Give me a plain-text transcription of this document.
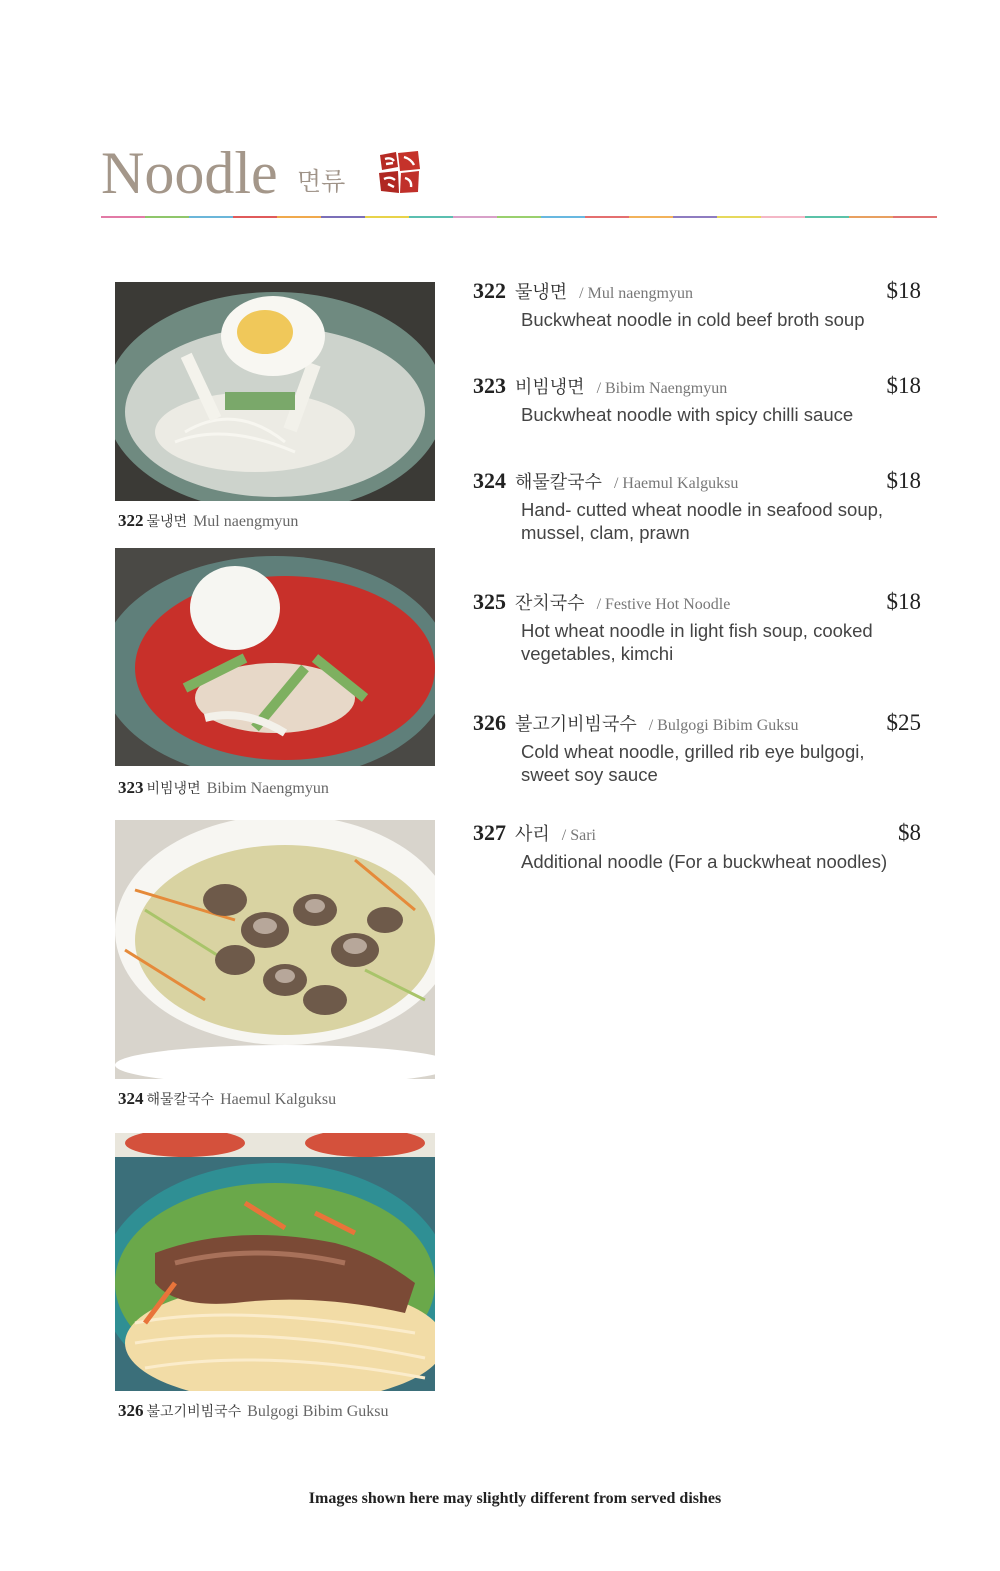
Noodle 면류
322 물냉면 Mul naengmyun
323 비빔냉면 Bibim Naengmyun
324 해물칼국수 Haemul Kalguksu
326 불고기비빔국수 Bulgogi Bibim Guksu
322 물냉면 / Mul naengmyun	$18
Buckwheat noodle in cold beef broth soup
323 비빔냉면 / Bibim Naengmyun	$18
Buckwheat noodle with spicy chilli sauce
324 해물칼국수 / Haemul Kalguksu	$18
Hand- cutted wheat noodle in seafood soup, mussel, clam, prawn
325 잔치국수 / Festive Hot Noodle	$18
Hot wheat noodle in light fish soup, cooked vegetables, kimchi
326 불고기비빔국수 / Bulgogi Bibim Guksu	$25
Cold wheat noodle, grilled rib eye bulgogi, sweet soy sauce
327 사리 / Sari	$8
Additional noodle (For a buckwheat noodles)
Images shown here may slightly different from served dishes
